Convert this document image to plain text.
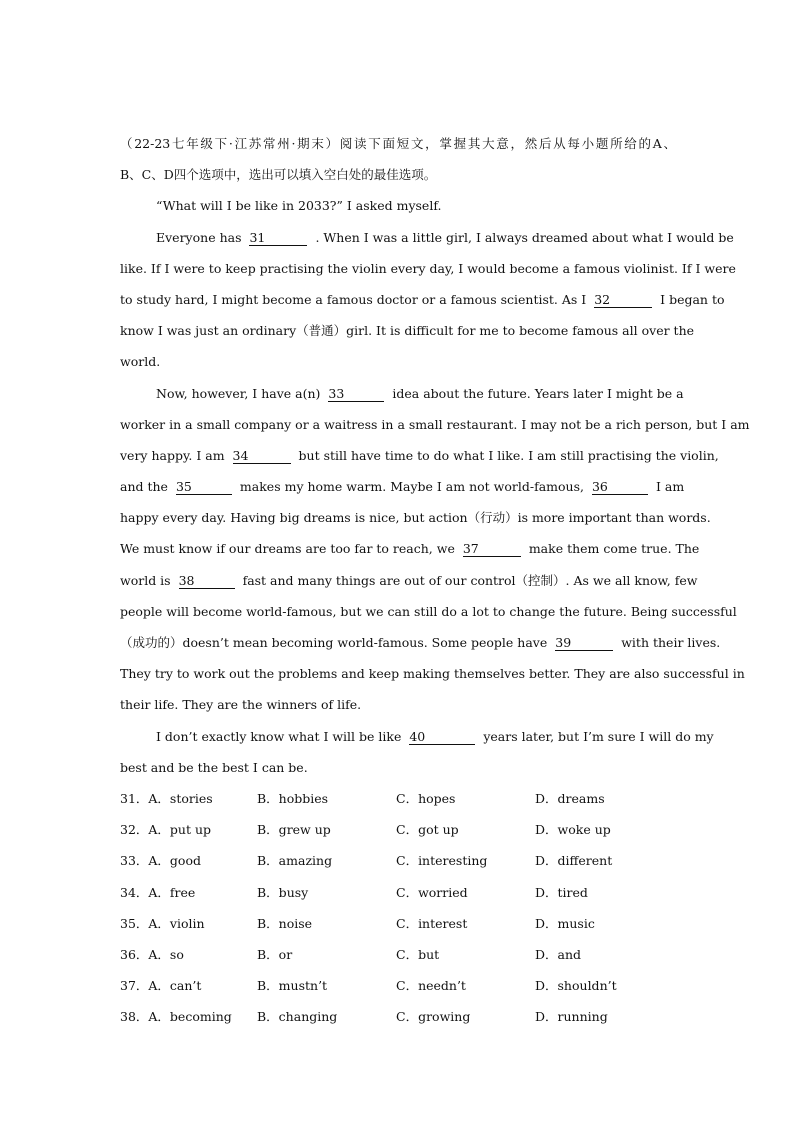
（22-23七年级下·江苏常州·期末）阅读下面短文，掌握其大意，然后从每小题所给的A、
B、C、D四个选项中，选出可以填入空白处的最佳选项。
“What will I be like in 2033?” I asked myself.
Everyone has 31	. When I was a little girl, I always dreamed about what I would be
like. If I were to keep practising the violin every day, I would become a famous violinist. If I were
to study hard, I might become a famous doctor or a famous scientist. As I 32	I began to
know I was just an ordinary（普通）girl. It is difficult for me to become famous all over the
world.
Now, however, I have a(n) 33	idea about the future. Years later I might be a
worker in a small company or a waitress in a small restaurant. I may not be a rich person, but I am
very happy. I am 34	but still have time to do what I like. I am still practising the violin,
and the 35	makes my home warm. Maybe I am not world-famous, 36	I am
happy every day. Having big dreams is nice, but action（行动）is more important than words.
We must know if our dreams are too far to reach, we 37	make them come true. The
world is 38	fast and many things are out of our control（控制）. As we all know, few
people will become world-famous, but we can still do a lot to change the future. Being successful
（成功的）doesn’t mean becoming world-famous. Some people have 39	with their lives.
They try to work out the problems and keep making themselves better. They are also successful in
their life. They are the winners of life.
I don’t exactly know what I will be like 40	years later, but I’m sure I will do my
best and be the best I can be.
31．A．stories	B．hobbies	C．hopes	D．dreams
32．A．put up	B．grew up	C．got up	D．woke up
33．A．good	B．amazing	C．interesting	D．different
34．A．free	B．busy	C．worried	D．tired
35．A．violin	B．noise	C．interest	D．music
36．A．so	B．or	C．but	D．and
37．A．can’t	B．mustn’t	C．needn’t	D．shouldn’t
38．A．becoming	B．changing	C．growing	D．running
